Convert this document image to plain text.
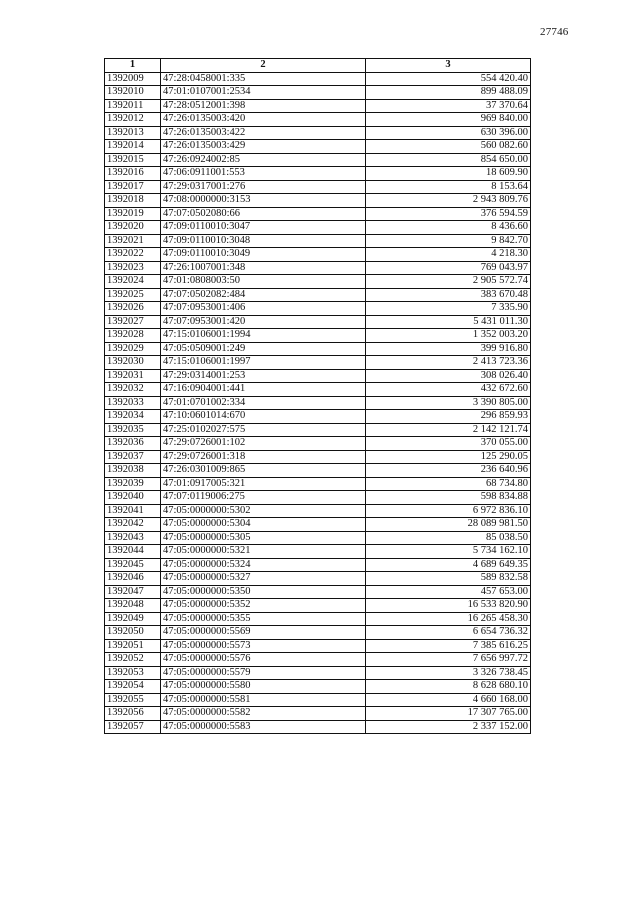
27746
1	2	3
1392009	47:28:0458001:335	554 420.40
1392010	47:01:0107001:2534	899 488.09
1392011	47:28:0512001:398	37 370.64
1392012	47:26:0135003:420	969 840.00
1392013	47:26:0135003:422	630 396.00
1392014	47:26:0135003:429	560 082.60
1392015	47:26:0924002:85	854 650.00
1392016	47:06:0911001:553	18 609.90
1392017	47:29:0317001:276	8 153.64
1392018	47:08:0000000:3153	2 943 809.76
1392019	47:07:0502080:66	376 594.59
1392020	47:09:0110010:3047	8 436.60
1392021	47:09:0110010:3048	9 842.70
1392022	47:09:0110010:3049	4 218.30
1392023	47:26:1007001:348	769 043.97
1392024	47:01:0808003:50	2 905 572.74
1392025	47:07:0502082:484	383 670.48
1392026	47:07:0953001:406	7 335.90
1392027	47:07:0953001:420	5 431 011.30
1392028	47:15:0106001:1994	1 352 003.20
1392029	47:05:0509001:249	399 916.80
1392030	47:15:0106001:1997	2 413 723.36
1392031	47:29:0314001:253	308 026.40
1392032	47:16:0904001:441	432 672.60
1392033	47:01:0701002:334	3 390 805.00
1392034	47:10:0601014:670	296 859.93
1392035	47:25:0102027:575	2 142 121.74
1392036	47:29:0726001:102	370 055.00
1392037	47:29:0726001:318	125 290.05
1392038	47:26:0301009:865	236 640.96
1392039	47:01:0917005:321	68 734.80
1392040	47:07:0119006:275	598 834.88
1392041	47:05:0000000:5302	6 972 836.10
1392042	47:05:0000000:5304	28 089 981.50
1392043	47:05:0000000:5305	85 038.50
1392044	47:05:0000000:5321	5 734 162.10
1392045	47:05:0000000:5324	4 689 649.35
1392046	47:05:0000000:5327	589 832.58
1392047	47:05:0000000:5350	457 653.00
1392048	47:05:0000000:5352	16 533 820.90
1392049	47:05:0000000:5355	16 265 458.30
1392050	47:05:0000000:5569	6 654 736.32
1392051	47:05:0000000:5573	7 385 616.25
1392052	47:05:0000000:5576	7 656 997.72
1392053	47:05:0000000:5579	3 326 738.45
1392054	47:05:0000000:5580	8 628 680.10
1392055	47:05:0000000:5581	4 660 168.00
1392056	47:05:0000000:5582	17 307 765.00
1392057	47:05:0000000:5583	2 337 152.00
